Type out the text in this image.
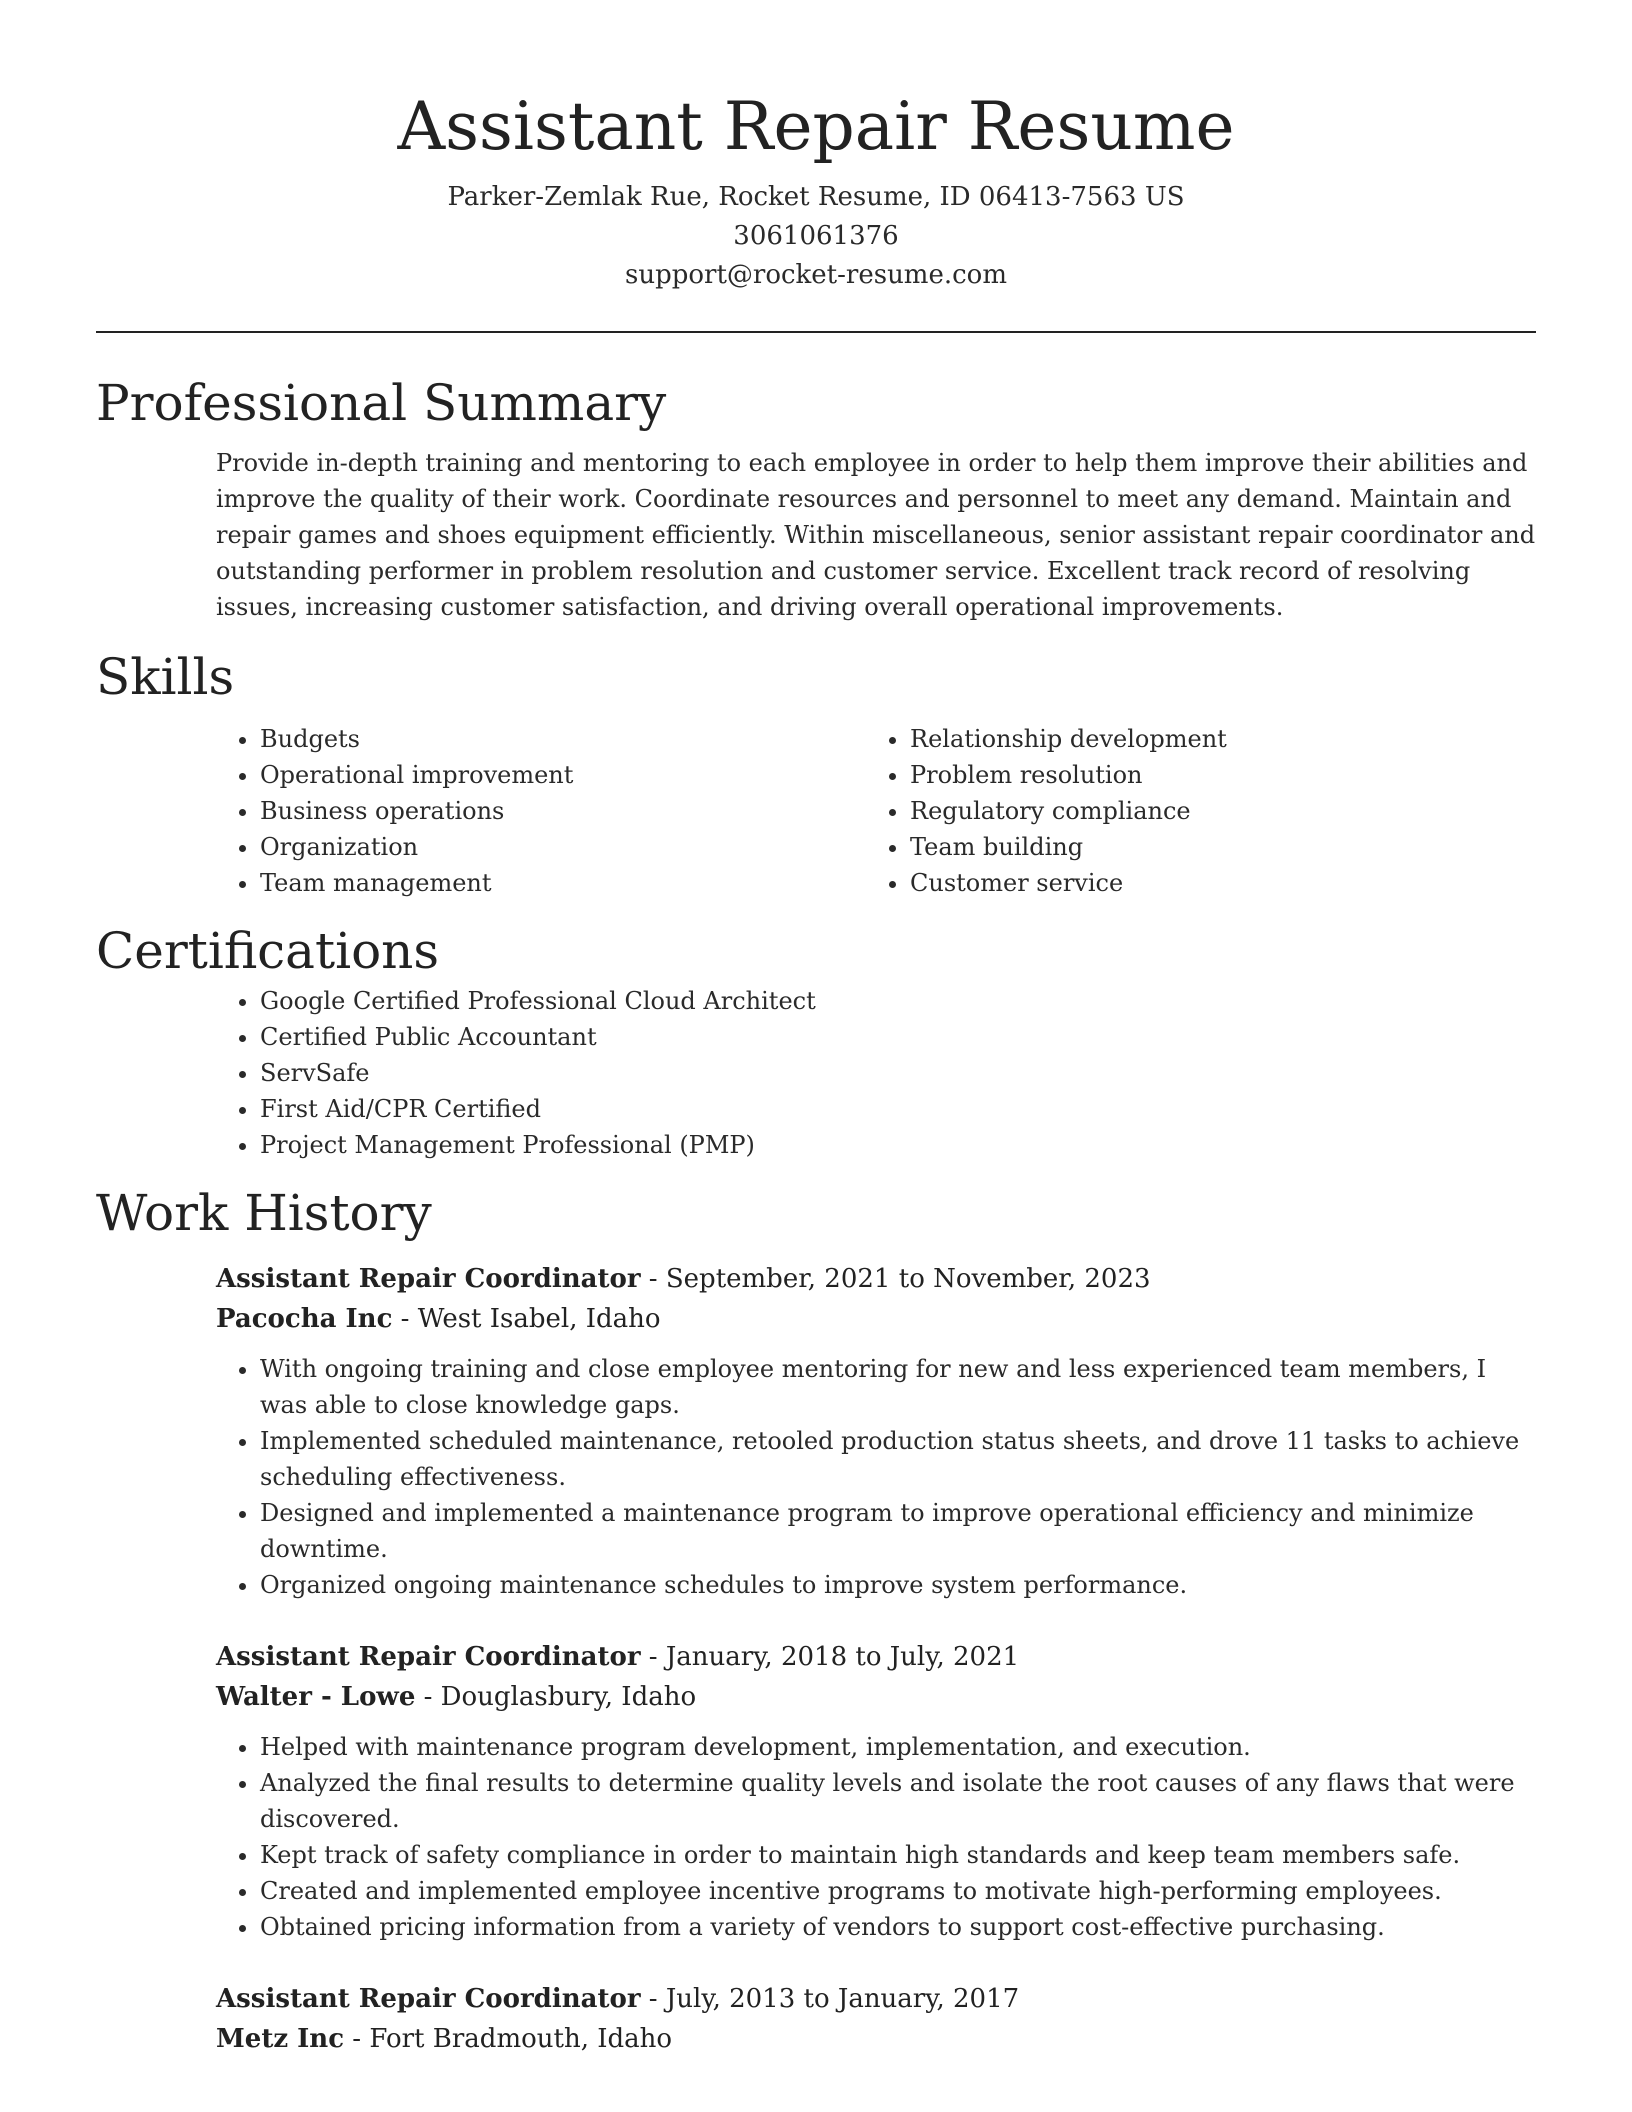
Assistant Repair Resume
Parker-Zemlak Rue, Rocket Resume, ID 06413-7563 US
3061061376
support@rocket-resume.com
Professional Summary

Provide in-depth training and mentoring to each employee in order to help them improve their abilities and improve the quality of their work. Coordinate resources and personnel to meet any demand. Maintain and repair games and shoes equipment efficiently. Within miscellaneous, senior assistant repair coordinator and outstanding performer in problem resolution and customer service. Excellent track record of resolving issues, increasing customer satisfaction, and driving overall operational improvements.

Skills
• Budgets
• Operational improvement
• Business operations
• Organization
• Team management
• Relationship development
• Problem resolution
• Regulatory compliance
• Team building
• Customer service
Certifications
• Google Certified Professional Cloud Architect
• Certified Public Accountant
• ServSafe
• First Aid/CPR Certified
• Project Management Professional (PMP)
Work History
Assistant Repair Coordinator - September, 2021 to November, 2023
Pacocha Inc - West Isabel, Idaho
• With ongoing training and close employee mentoring for new and less experienced team members, I was able to close knowledge gaps.
• Implemented scheduled maintenance, retooled production status sheets, and drove 11 tasks to achieve scheduling effectiveness.
• Designed and implemented a maintenance program to improve operational efficiency and minimize downtime.
• Organized ongoing maintenance schedules to improve system performance.
Assistant Repair Coordinator - January, 2018 to July, 2021
Walter - Lowe - Douglasbury, Idaho
• Helped with maintenance program development, implementation, and execution.
• Analyzed the final results to determine quality levels and isolate the root causes of any flaws that were discovered.
• Kept track of safety compliance in order to maintain high standards and keep team members safe.
• Created and implemented employee incentive programs to motivate high-performing employees.
• Obtained pricing information from a variety of vendors to support cost-effective purchasing.
Assistant Repair Coordinator - July, 2013 to January, 2017
Metz Inc - Fort Bradmouth, Idaho
